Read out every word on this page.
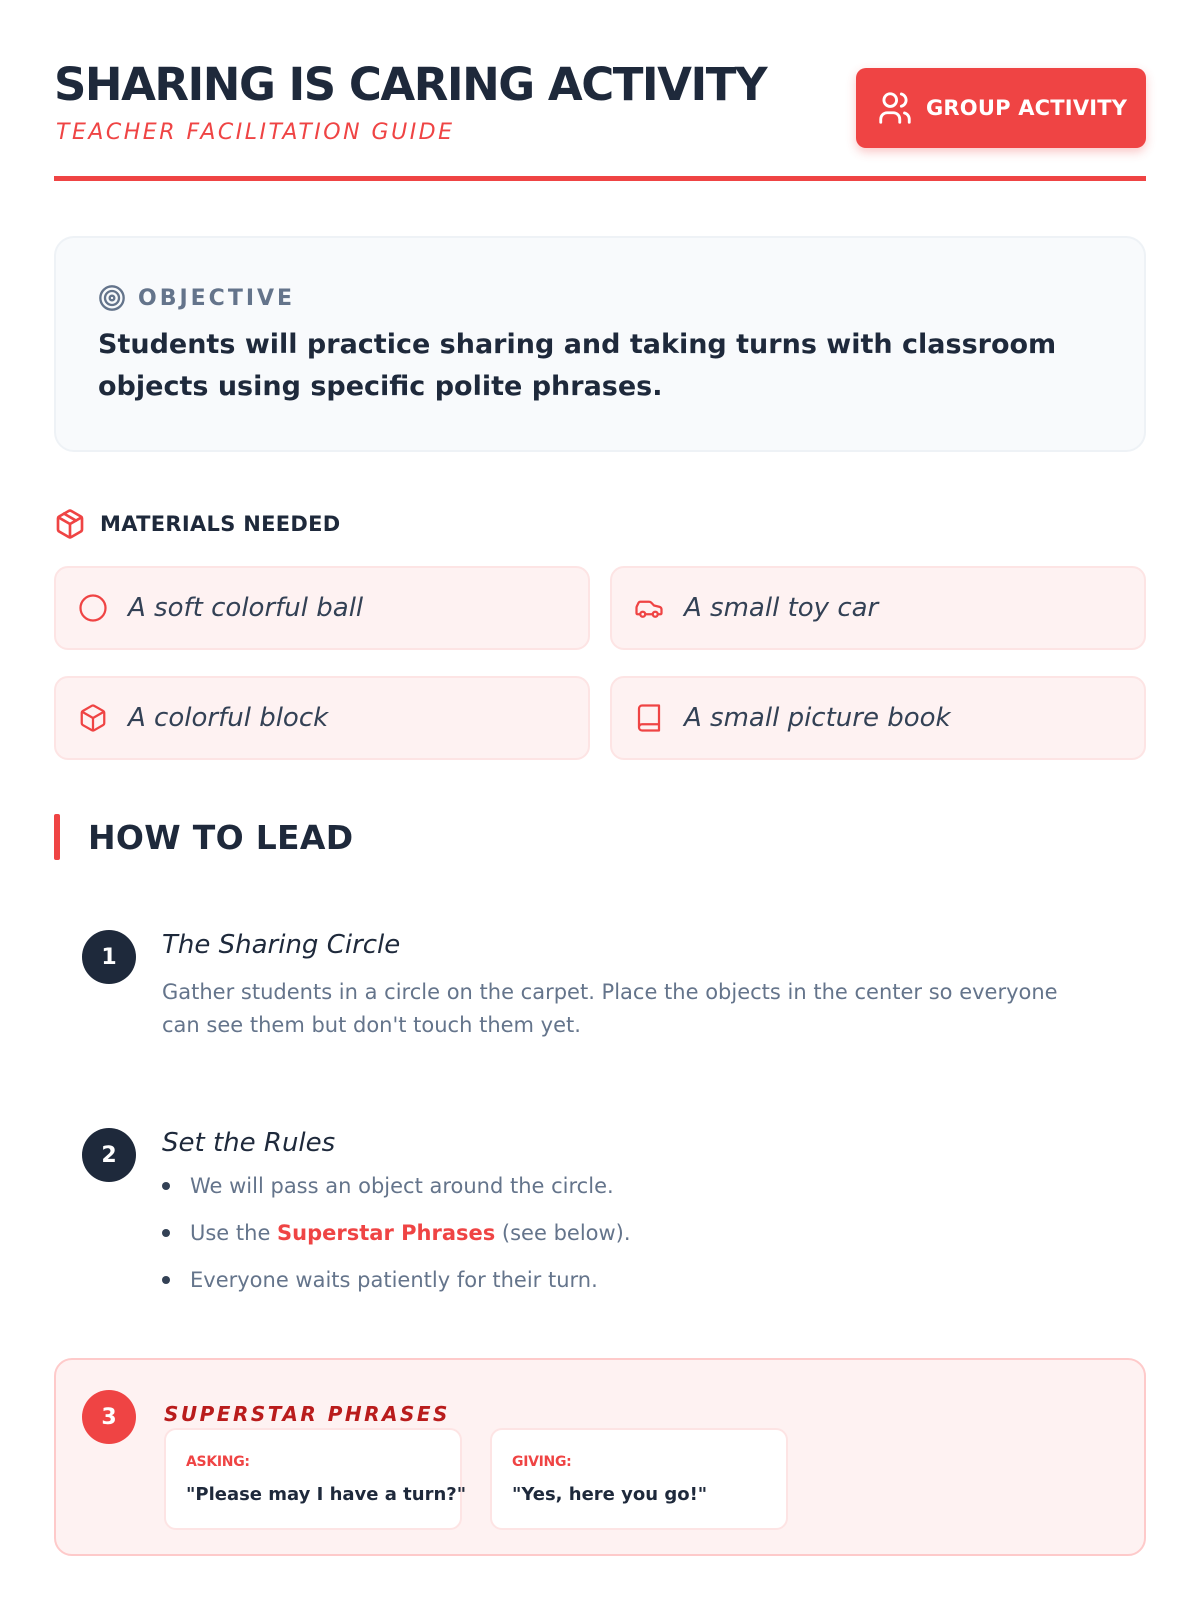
SHARING IS CARING ACTIVITY
TEACHER FACILITATION GUIDE
GROUP ACTIVITY
OBJECTIVE

Students will practice sharing and taking turns with classroom objects using specific polite phrases.

MATERIALS NEEDED
A soft colorful ball	A small toy car
A colorful block	A small picture book
HOW TO LEAD
1	The Sharing Circle

Gather students in a circle on the carpet. Place the objects in the center so everyone can see them but don't touch them yet.

2	Set the Rules
We will pass an object around the circle.
Use the Superstar Phrases (see below).
Everyone waits patiently for their turn.
3	SUPERSTAR PHRASES
ASKING:
"Please may I have a turn?"
GIVING:
"Yes, here you go!"
